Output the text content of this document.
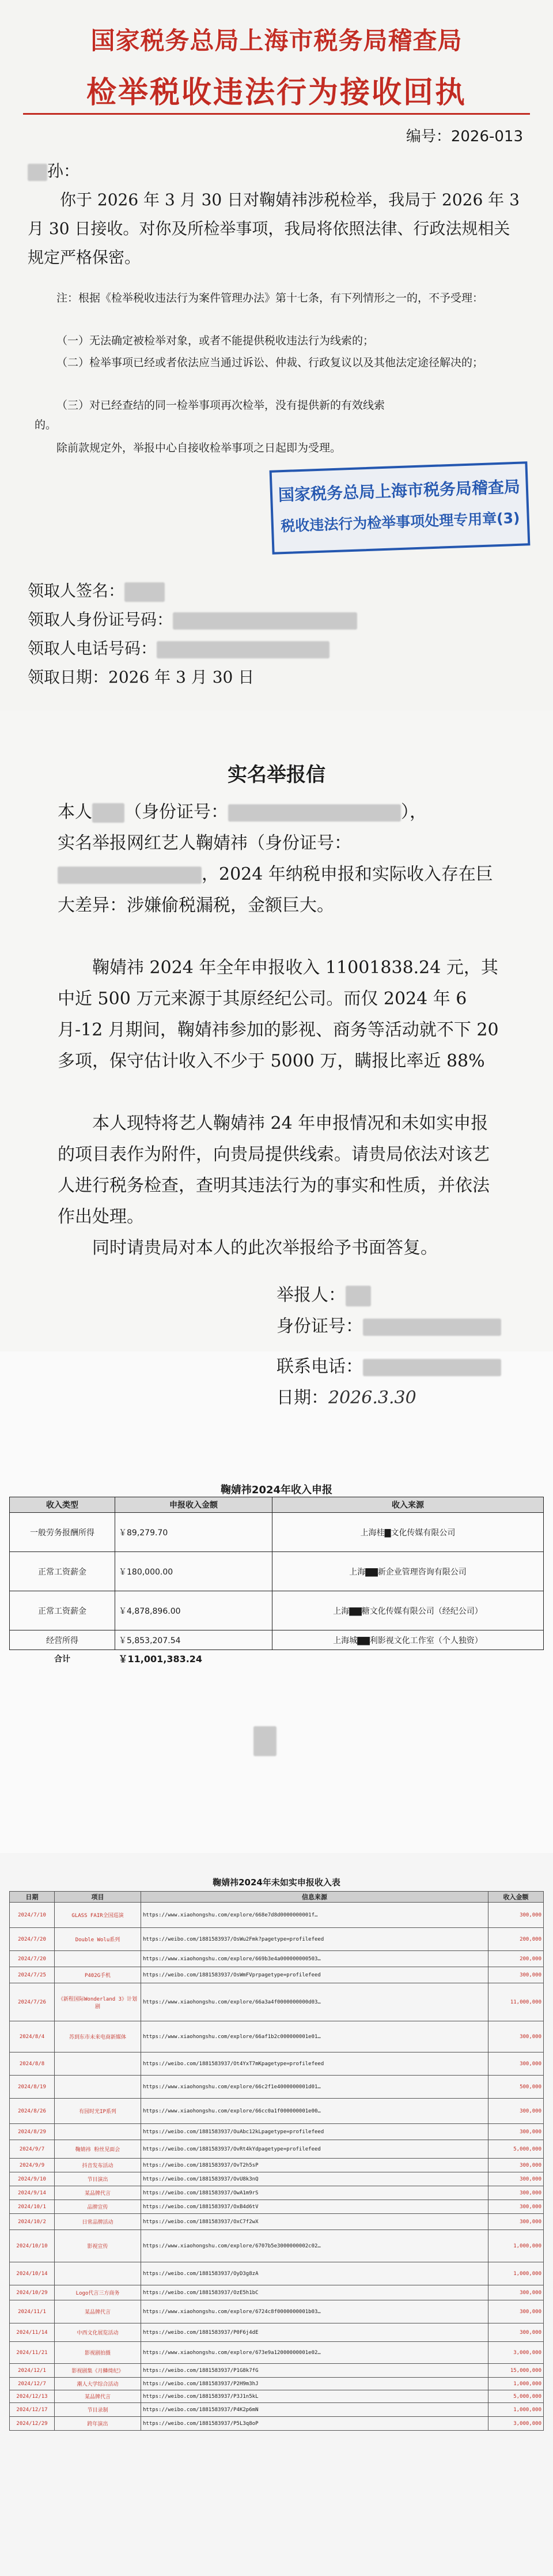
国家税务总局上海市税务局稽查局
检举税收违法行为接收回执
编号：2026-013
孙：
你于 2026 年 3 月 30 日对鞠婧祎涉税检举，我局于 2026 年 3 月 30 日接收。对你及所检举事项，我局将依照法律、行政法规相关规定严格保密。
注：根据《检举税收违法行为案件管理办法》第十七条，有下列情形之一的，不予受理：
（一）无法确定被检举对象，或者不能提供税收违法行为线索的；
（二）检举事项已经或者依法应当通过诉讼、仲裁、行政复议以及其他法定途径解决的；
（三）对已经查结的同一检举事项再次检举，没有提供新的有效线索的。
除前款规定外，举报中心自接收检举事项之日起即为受理。
国家税务总局上海市税务局稽查局
税收违法行为检举事项处理专用章(3)
领取人签名：
领取人身份证号码：
领取人电话号码：
领取日期：2026 年 3 月 30 日
实名举报信
本人 （身份证号：	），
实名举报网红艺人鞠婧祎（身份证号：
，2024 年纳税申报和实际收入存在巨大差异：涉嫌偷税漏税，金额巨大。
鞠婧祎 2024 年全年申报收入 11001838.24 元，其中近 500 万元来源于其原经纪公司。而仅 2024 年 6 月-12 月期间，鞠婧祎参加的影视、商务等活动就不下 20 多项，保守估计收入不少于 5000 万，瞒报比率近 88%
本人现特将艺人鞠婧祎 24 年申报情况和未如实申报的项目表作为附件，向贵局提供线索。请贵局依法对该艺人进行税务检查，查明其违法行为的事实和性质，并依法作出处理。
同时请贵局对本人的此次举报给予书面答复。
举报人：
身份证号：
联系电话：
日期：2026.3.30
鞠婧祎2024年收入申报
收入类型	申报收入金额	收入来源
一般劳务报酬所得	￥89,279.70	上海桂▇文化传媒有限公司
正常工资薪金	￥180,000.00	上海▇▇新企业管理咨询有限公司
正常工资薪金	￥4,878,896.00	上海▇▇糖文化传媒有限公司（经纪公司）
经营所得	￥5,853,207.54	上海城▇▇利影视文化工作室（个人独资）
合计	￥11,001,383.24	
鞠婧祎2024年未如实申报收入表
日期	项目	信息来源	收入金额
2024/7/10	GLASS FAIR全国巡演	https://www.xiaohongshu.com/explore/668e7d8d0000000001f…	300,000
2024/7/20	Double Wolu系列	https://weibo.com/1881583937/OsWu2Fmk?pagetype=profilefeed	200,000
2024/7/20		https://www.xiaohongshu.com/explore/669b3e4a000000000503…	200,000
2024/7/25	P402G手机	https://weibo.com/1881583937/OsWmFVprpagetype=profilefeed	300,000
2024/7/26	《新程国际Wonderland 3》计划剧	https://www.xiaohongshu.com/explore/66a3a4f0000000000d03…	11,000,000
2024/8/4	苏到东市未来电商新媒体	https://www.xiaohongshu.com/explore/66af1b2c000000001e01…	300,000
2024/8/8		https://weibo.com/1881583937/Ot4YxT7mKpagetype=profilefeed	300,000
2024/8/19		https://www.xiaohongshu.com/explore/66c2f1e4000000001d01…	500,000
2024/8/26	有园时光IP系列	https://www.xiaohongshu.com/explore/66cc0a1f000000001e00…	300,000
2024/8/29		https://weibo.com/1881583937/OuAbc12kLpagetype=profilefeed	300,000
2024/9/7	鞠婧祎 粉丝见面会	https://weibo.com/1881583937/OvRt4kYdpagetype=profilefeed	5,000,000
2024/9/9	抖音发布活动	https://weibo.com/1881583937/OvT2h5sP	300,000
2024/9/10	节目演出	https://weibo.com/1881583937/OvU8k3nQ	300,000
2024/9/14	某品牌代言	https://weibo.com/1881583937/OwA1m9rS	300,000
2024/10/1	品牌宣传	https://weibo.com/1881583937/OxB4d6tV	300,000
2024/10/2	日常品牌活动	https://weibo.com/1881583937/OxC7f2wX	300,000
2024/10/10	影视宣传	https://www.xiaohongshu.com/explore/6707b5e3000000002c02…	1,000,000
2024/10/14		https://weibo.com/1881583937/OyD3g8zA	1,000,000
2024/10/29	Logo代言三方商务	https://weibo.com/1881583937/OzE5h1bC	300,000
2024/11/1	某品牌代言	https://www.xiaohongshu.com/explore/6724c8f0000000001b03…	300,000
2024/11/14	中西文化展览活动	https://weibo.com/1881583937/P0F6j4dE	300,000
2024/11/21	影视剧拍摄	https://www.xiaohongshu.com/explore/673e9a12000000001e02…	3,000,000
2024/12/1	影视剧集《月鳞绮纪》	https://weibo.com/1881583937/P1G8k7fG	15,000,000
2024/12/7	潮人大学综合活动	https://weibo.com/1881583937/P2H9m3hJ	1,000,000
2024/12/13	某品牌代言	https://weibo.com/1881583937/P3J1n5kL	5,000,000
2024/12/17	节目录制	https://weibo.com/1881583937/P4K2p6mN	1,000,000
2024/12/29	跨年演出	https://weibo.com/1881583937/P5L3q8oP	3,000,000
